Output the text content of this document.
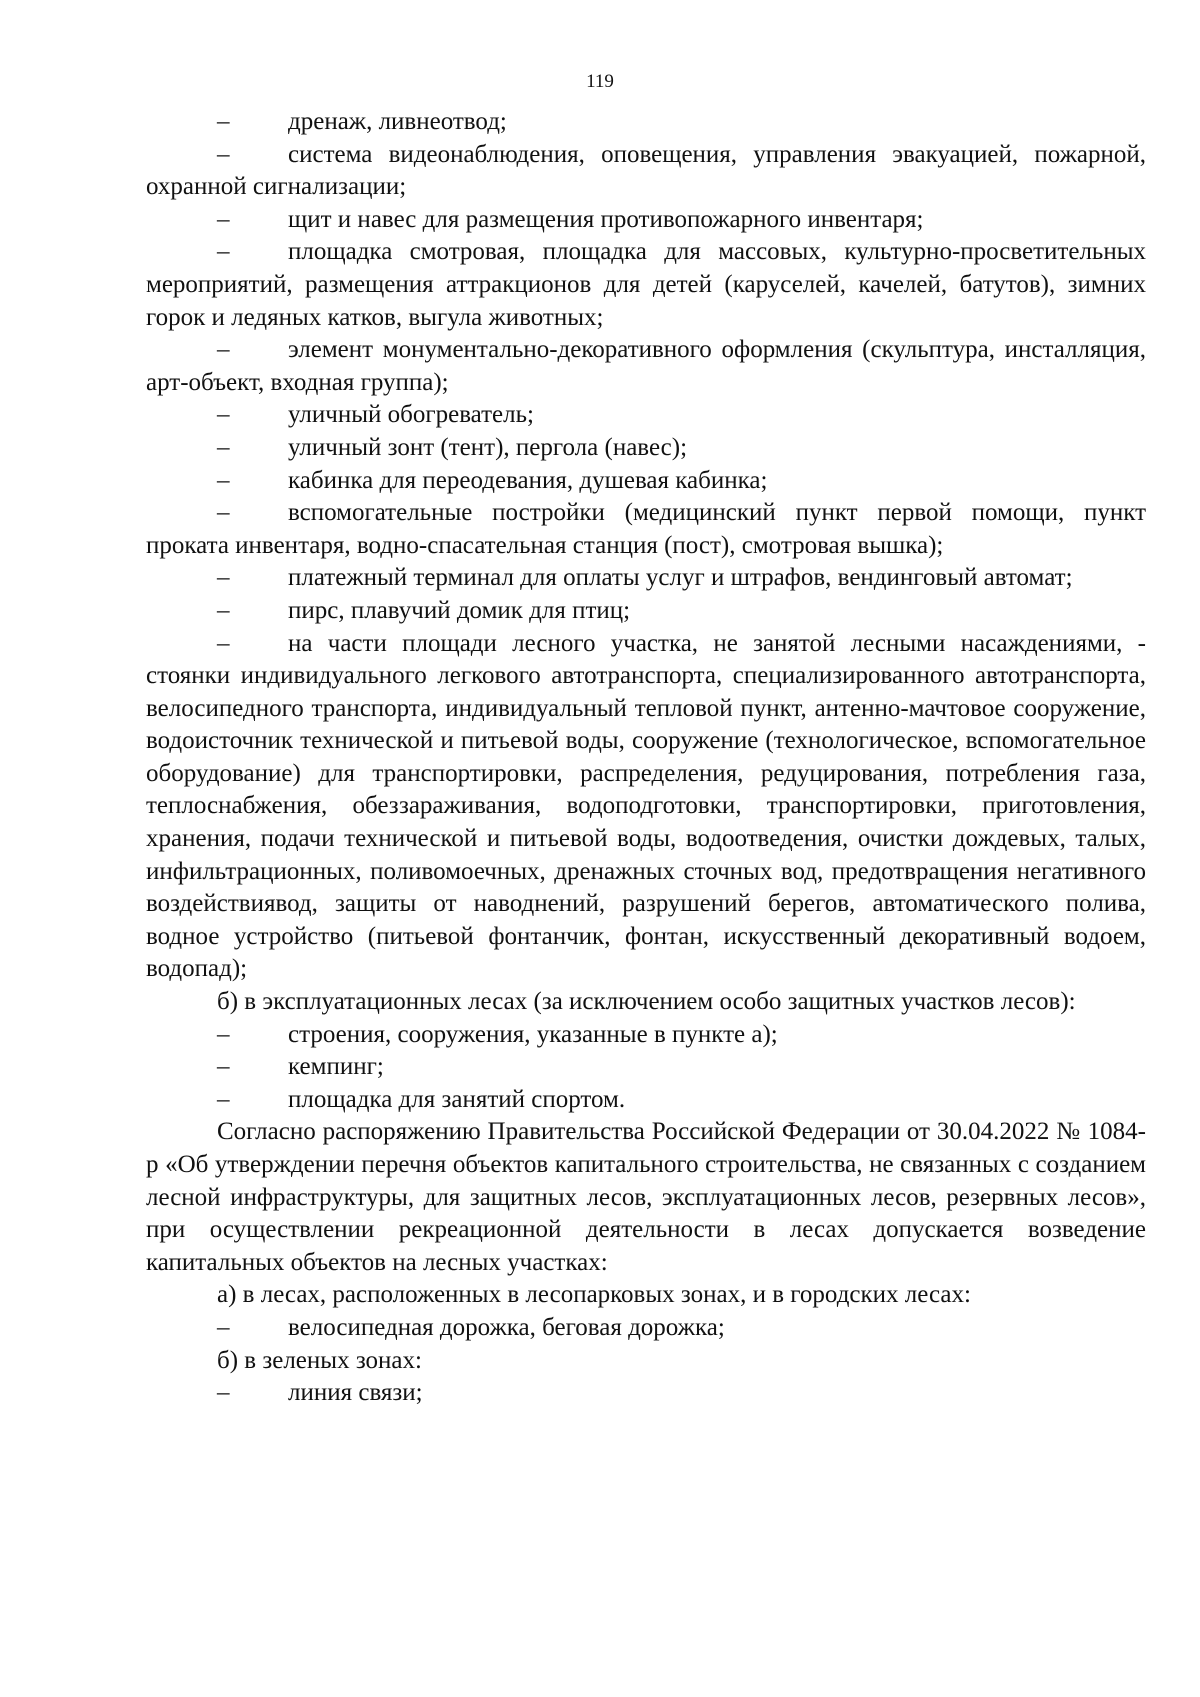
119

– дренаж, ливнеотвод;

– система видеонаблюдения, оповещения, управления эвакуацией, пожарной, охранной сигнализации;

– щит и навес для размещения противопожарного инвентаря;

– площадка смотровая, площадка для массовых, культурно-просветительных мероприятий, размещения аттракционов для детей (каруселей, качелей, батутов), зимних горок и ледяных катков, выгула животных;

– элемент монументально-декоративного оформления (скульптура, инсталляция, арт-объект, входная группа);

– уличный обогреватель;

– уличный зонт (тент), пергола (навес);

– кабинка для переодевания, душевая кабинка;

– вспомогательные постройки (медицинский пункт первой помощи, пункт проката инвентаря, водно-спасательная станция (пост), смотровая вышка);

– платежный терминал для оплаты услуг и штрафов, вендинговый автомат;

– пирс, плавучий домик для птиц;

– на части площади лесного участка, не занятой лесными насаждениями, - стоянки индивидуального легкового автотранспорта, специализированного автотранспорта, велосипедного транспорта, индивидуальный тепловой пункт, антенно-мачтовое сооружение, водоисточник технической и питьевой воды, сооружение (технологическое, вспомогательное оборудование) для транспортировки, распределения, редуцирования, потребления газа, теплоснабжения, обеззараживания, водоподготовки, транспортировки, приготовления, хранения, подачи технической и питьевой воды, водоотведения, очистки дождевых, талых, инфильтрационных, поливомоечных, дренажных сточных вод, предотвращения негативного воздействиявод, защиты от наводнений, разрушений берегов, автоматического полива, водное устройство (питьевой фонтанчик, фонтан, искусственный декоративный водоем, водопад);

б) в эксплуатационных лесах (за исключением особо защитных участков лесов):

– строения, сооружения, указанные в пункте а);

– кемпинг;

– площадка для занятий спортом.

Согласно распоряжению Правительства Российской Федерации от 30.04.2022 № 1084-р «Об утверждении перечня объектов капитального строительства, не связанных с созданием лесной инфраструктуры, для защитных лесов, эксплуатационных лесов, резервных лесов», при осуществлении рекреационной деятельности в лесах допускается возведение капитальных объектов на лесных участках:

а) в лесах, расположенных в лесопарковых зонах, и в городских лесах:

– велосипедная дорожка, беговая дорожка;

б) в зеленых зонах:

– линия связи;
